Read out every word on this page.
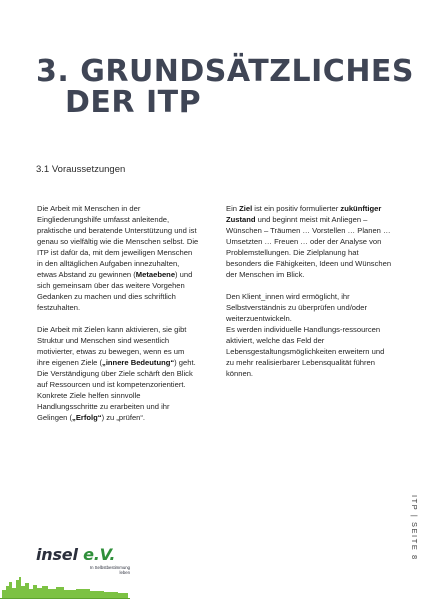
3. GRUNDSÄTZLICHES
DER ITP
3.1 Voraussetzungen

Die Arbeit mit Menschen in der Eingliederungshilfe umfasst anleitende, praktische und beratende Unterstützung und ist genau so vielfältig wie die Menschen selbst. Die ITP ist dafür da, mit dem jeweiligen Menschen in den alltäglichen Aufgaben innezuhalten, etwas Abstand zu gewinnen (Metaebene) und sich gemeinsam über das weitere Vorgehen Gedanken zu machen und dies schriftlich festzuhalten.

Die Arbeit mit Zielen kann aktivieren, sie gibt Struktur und Menschen sind wesentlich motivierter, etwas zu bewegen, wenn es um ihre eigenen Ziele („innere Bedeutung“) geht. Die Verständigung über Ziele schärft den Blick auf Ressourcen und ist kompetenzorientiert. Konkrete Ziele helfen sinnvolle Handlungsschritte zu erarbeiten und ihr Gelingen („Erfolg“) zu „prüfen“.

Ein Ziel ist ein positiv formulierter zukünftiger Zustand und beginnt meist mit Anliegen – Wünschen – Träumen … Vorstellen … Planen … Umsetzten … Freuen … oder der Analyse von Problemstellungen. Die Zielplanung hat besonders die Fähigkeiten, Ideen und Wünschen der Menschen im Blick.

Den Klient_innen wird ermöglicht, ihr Selbstverständnis zu überprüfen und/oder weiterzuentwickeln.
Es werden individuelle Handlungs-ressourcen aktiviert, welche das Feld der Lebensgestaltungsmöglichkeiten erweitern und zu mehr realisierbarer Lebensqualität führen können.

ITP | SEITE 8
insel e.V.
In Selbstbestimmung
leben
